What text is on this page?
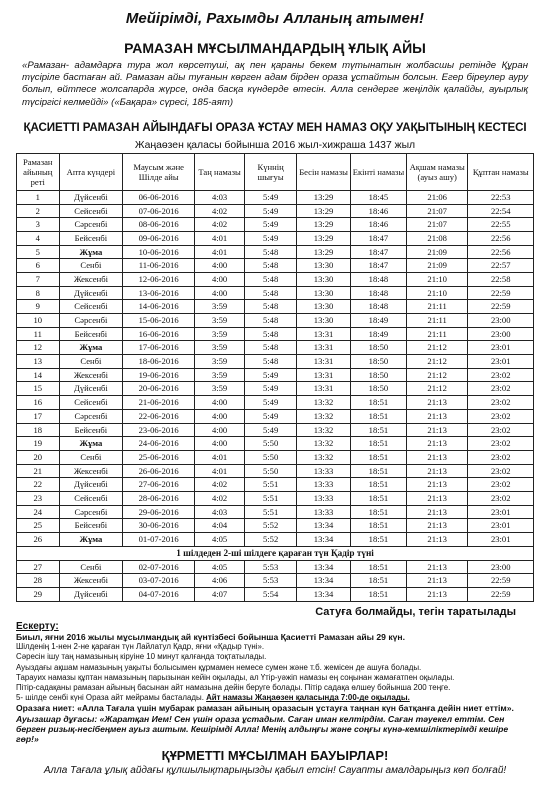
Мейірімді, Рахымды Алланың атымен!
РАМАЗАН МҰСЫЛМАНДАРДЫҢ ҰЛЫҚ АЙЫ
«Рамазан- адамдарға тура жол көрсетуші, ақ пен қараны бекем түтынатын жолбасшы ретінде Құран түсіріле бастаған ай. Рамазан айы туғанын көрген адам бірден ораза ұстайтын болсын. Егер біреулер ауру болып, өйтпесе жолсапарда жүрсе, онда басқа күндерде өтесін. Алла сендерге жеңілдік қалайды, ауырлық түсіргісі келмейді» («Бақара» сүресі, 185-аят)
ҚАСИЕТТІ РАМАЗАН АЙЫНДАҒЫ ОРАЗА ҰСТАУ МЕН НАМАЗ ОҚУ УАҚЫТЫНЫҢ КЕСТЕСІ
Жаңаөзен қаласы бойынша 2016 жыл-хижраша 1437 жыл
Рамазан айының реті	Апта күндері	Маусым және Шілде айы	Таң намазы	Күннің шығуы	Бесін намазы	Екінті намазы	Ақшам намазы (ауыз ашу)	Құптан намазы
1	Дүйсенбі	06-06-2016	4:03	5:49	13:29	18:45	21:06	22:53
2	Сейсенбі	07-06-2016	4:02	5:49	13:29	18:46	21:07	22:54
3	Сәрсенбі	08-06-2016	4:02	5:49	13:29	18:46	21:07	22:55
4	Бейсенбі	09-06-2016	4:01	5:49	13:29	18:47	21:08	22:56
5	Жұма	10-06-2016	4:01	5:48	13:29	18:47	21:09	22:56
6	Сенбі	11-06-2016	4:00	5:48	13:30	18:47	21:09	22:57
7	Жексенбі	12-06-2016	4:00	5:48	13:30	18:48	21:10	22:58
8	Дүйсенбі	13-06-2016	4:00	5:48	13:30	18:48	21:10	22:59
9	Сейсенбі	14-06-2016	3:59	5:48	13:30	18:48	21:11	22:59
10	Сәрсенбі	15-06-2016	3:59	5:48	13:30	18:49	21:11	23:00
11	Бейсенбі	16-06-2016	3:59	5:48	13:31	18:49	21:11	23:00
12	Жұма	17-06-2016	3:59	5:48	13:31	18:50	21:12	23:01
13	Сенбі	18-06-2016	3:59	5:48	13:31	18:50	21:12	23:01
14	Жексенбі	19-06-2016	3:59	5:49	13:31	18:50	21:12	23:02
15	Дүйсенбі	20-06-2016	3:59	5:49	13:31	18:50	21:12	23:02
16	Сейсенбі	21-06-2016	4:00	5:49	13:32	18:51	21:13	23:02
17	Сәрсенбі	22-06-2016	4:00	5:49	13:32	18:51	21:13	23:02
18	Бейсенбі	23-06-2016	4:00	5:49	13:32	18:51	21:13	23:02
19	Жұма	24-06-2016	4:00	5:50	13:32	18:51	21:13	23:02
20	Сенбі	25-06-2016	4:01	5:50	13:32	18:51	21:13	23:02
21	Жексенбі	26-06-2016	4:01	5:50	13:33	18:51	21:13	23:02
22	Дүйсенбі	27-06-2016	4:02	5:51	13:33	18:51	21:13	23:02
23	Сейсенбі	28-06-2016	4:02	5:51	13:33	18:51	21:13	23:02
24	Сәрсенбі	29-06-2016	4:03	5:51	13:33	18:51	21:13	23:01
25	Бейсенбі	30-06-2016	4:04	5:52	13:34	18:51	21:13	23:01
26	Жұма	01-07-2016	4:05	5:52	13:34	18:51	21:13	23:01
1 шілдеден 2-ші шілдеге қараған түн Қадір түні								
27	Сенбі	02-07-2016	4:05	5:53	13:34	18:51	21:13	23:00
28	Жексенбі	03-07-2016	4:06	5:53	13:34	18:51	21:13	22:59
29	Дүйсенбі	04-07-2016	4:07	5:54	13:34	18:51	21:13	22:59
Сатуға болмайды, тегін таратылады
Ескерту:

Биыл, яғни 2016 жылы мұсылмандық ай күнтізбесі бойынша Қасиетті Рамазан айы 29 күн.

Шілденің 1-нен 2-не қараған түн Лайлатул Қадр, яғни «Қадыр түні».

Сәресін ішу таң намазының кіруіне 10 минут қалғанда тоқтатылады.

Ауыздағы ақшам намазының уақыты болысымен құрмамен немесе сумен және т.б. жемісен де ашуға болады.

Тарауих намазы құптан намазының парызынан кейін оқылады, ал Үтір-уәжіп намазы ең соңынан жамағатпен оқылады.

Пітір-садақаны рамазан айының басынан айт намазына дейін беруге болады. Пітір садақа өлшеу бойынша 200 теңге.

5- шілде сенбі күні Ораза айт мейрамы басталады. Айт намазы Жаңаөзен қаласында 7:00-де оқылады.

Оразаға ниет: «Алла Тағала үшін мубарак рамазан айының оразасын ұстауға таңнан күн батқанға дейін ниет еттім».

Ауызашар дұғасы: «Жаратқан Ием! Сен үшін ораза ұстадым. Саған иман келтірдім. Саған тәуекел еттім. Сен берген ризық-несібеңмен ауыз аштым. Кешірімді Алла! Менің алдыңғы және соңғы күнә-кемшіліктерімді кешіре гөр!»

ҚҰРМЕТТІ МҰСЫЛМАН БАУЫРЛАР!
Алла Тағала ұлық айдағы құлшылықтарыңызды қабыл етсін! Сауапты амалдарыңыз көп болғай!
